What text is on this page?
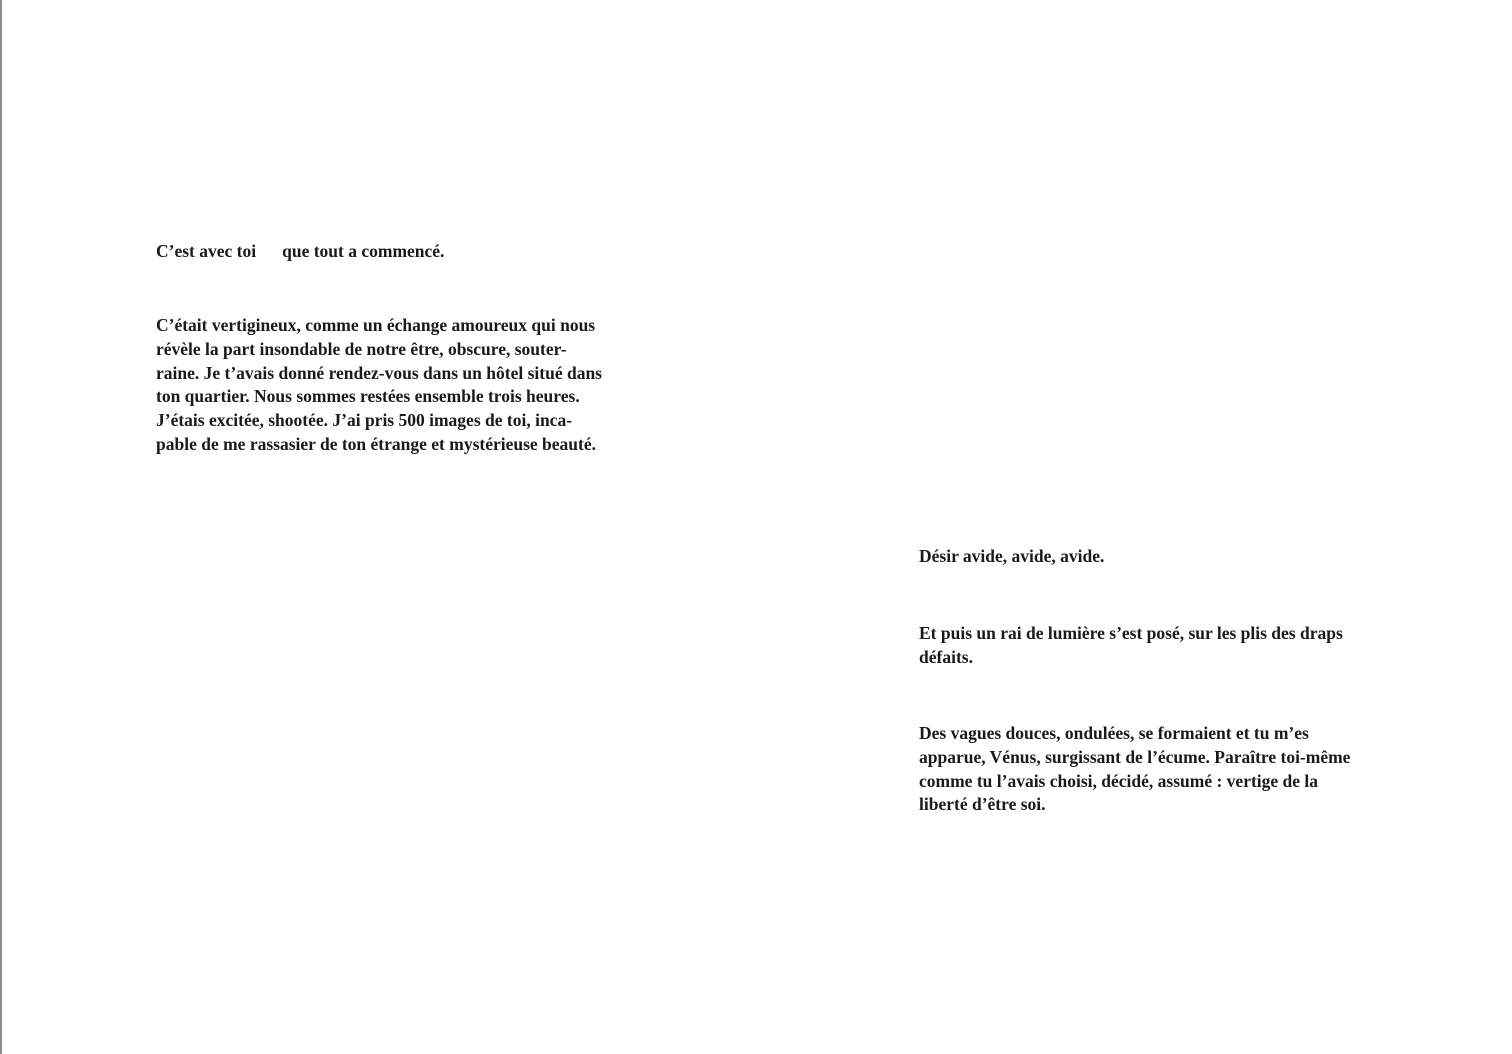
C’est avec toi que tout a commencé.

C’était vertigineux, comme un échange amoureux qui nous
révèle la part insondable de notre être, obscure, souter-
raine. Je t’avais donné rendez-vous dans un hôtel situé dans
ton quartier. Nous sommes restées ensemble trois heures.
J’étais excitée, shootée. J’ai pris 500 images de toi, inca-
pable de me rassasier de ton étrange et mystérieuse beauté.

Désir avide, avide, avide.

Et puis un rai de lumière s’est posé, sur les plis des draps
défaits.

Des vagues douces, ondulées, se formaient et tu m’es
apparue, Vénus, surgissant de l’écume. Paraître toi-même
comme tu l’avais choisi, décidé, assumé : vertige de la
liberté d’être soi.
